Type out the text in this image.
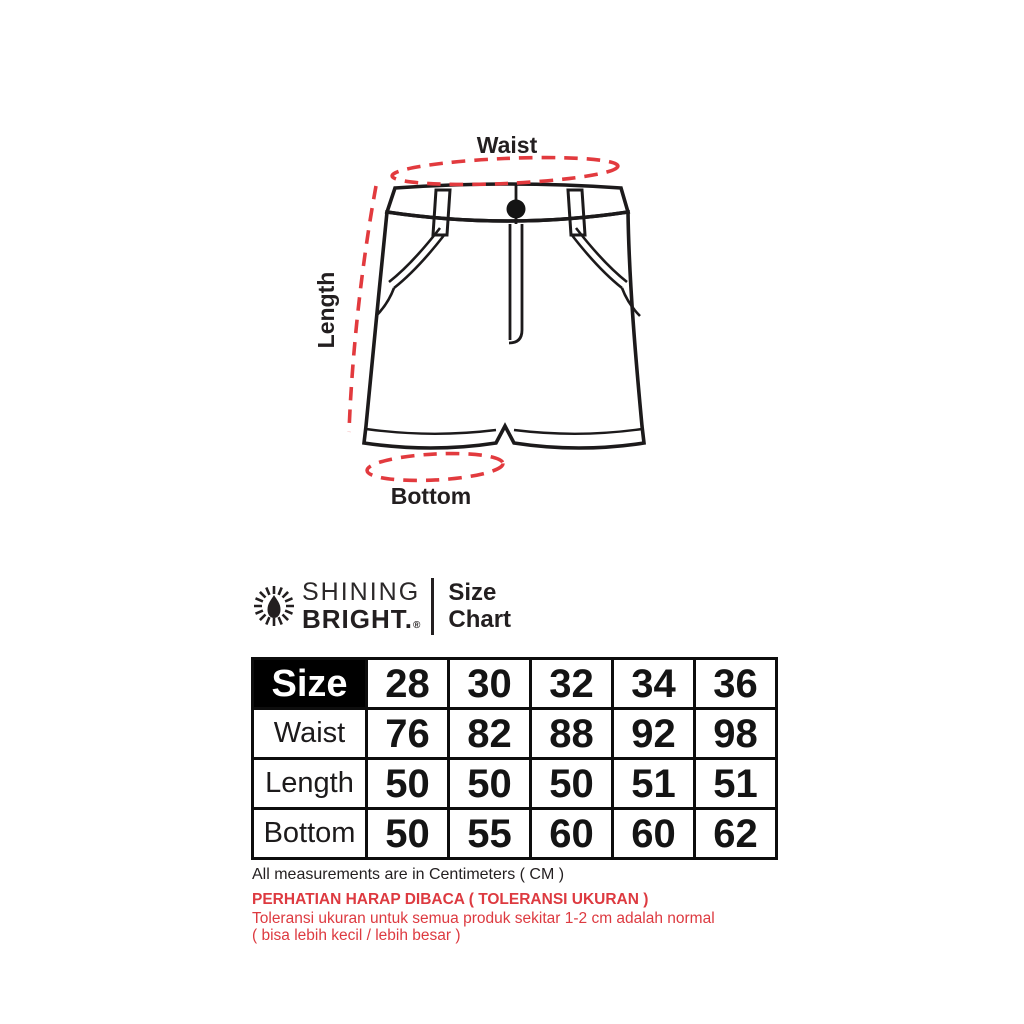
Waist
Length
Bottom
SHINING
BRIGHT.®
Size
Chart
Size	28	30	32	34	36
Waist	76	82	88	92	98
Length	50	50	50	51	51
Bottom	50	55	60	60	62

All measurements are in Centimeters ( CM )

PERHATIAN HARAP DIBACA ( TOLERANSI UKURAN )

Toleransi ukuran untuk semua produk sekitar 1-2 cm adalah normal

( bisa lebih kecil / lebih besar )
